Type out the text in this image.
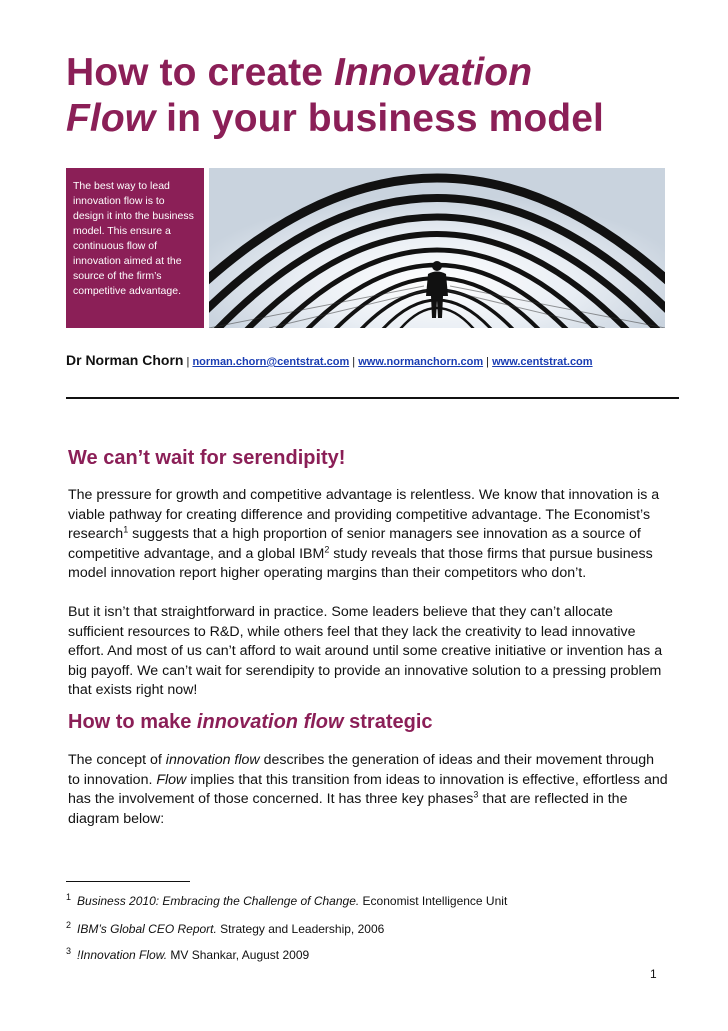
How to create Innovation
Flow in your business model

The best way to lead innovation flow is to design it into the business model. This ensure a continuous flow of innovation aimed at the source of the firm’s competitive advantage.

Dr Norman Chorn | norman.chorn@centstrat.com | www.normanchorn.com | www.centstrat.com
We can’t wait for serendipity!

The pressure for growth and competitive advantage is relentless. We know that innovation is a viable pathway for creating difference and providing competitive advantage. The Economist’s research$^1$ suggests that a high proportion of senior managers see innovation as a source of competitive advantage, and a global IBM$^2$ study reveals that those firms that pursue business model innovation report higher operating margins than their competitors who don’t.

But it isn’t that straightforward in practice. Some leaders believe that they can’t allocate sufficient resources to R&D, while others feel that they lack the creativity to lead innovative effort. And most of us can’t afford to wait around until some creative initiative or invention has a big payoff. We can’t wait for serendipity to provide an innovative solution to a pressing problem that exists right now!

How to make innovation flow strategic

The concept of innovation flow describes the generation of ideas and their movement through to innovation. Flow implies that this transition from ideas to innovation is effective, effortless and has the involvement of those concerned. It has three key phases$^3$ that are reflected in the diagram below:

$^1$ Business 2010: Embracing the Challenge of Change. Economist Intelligence Unit
$^2$ IBM’s Global CEO Report. Strategy and Leadership, 2006
$^3$ !Innovation Flow. MV Shankar, August 2009
1
